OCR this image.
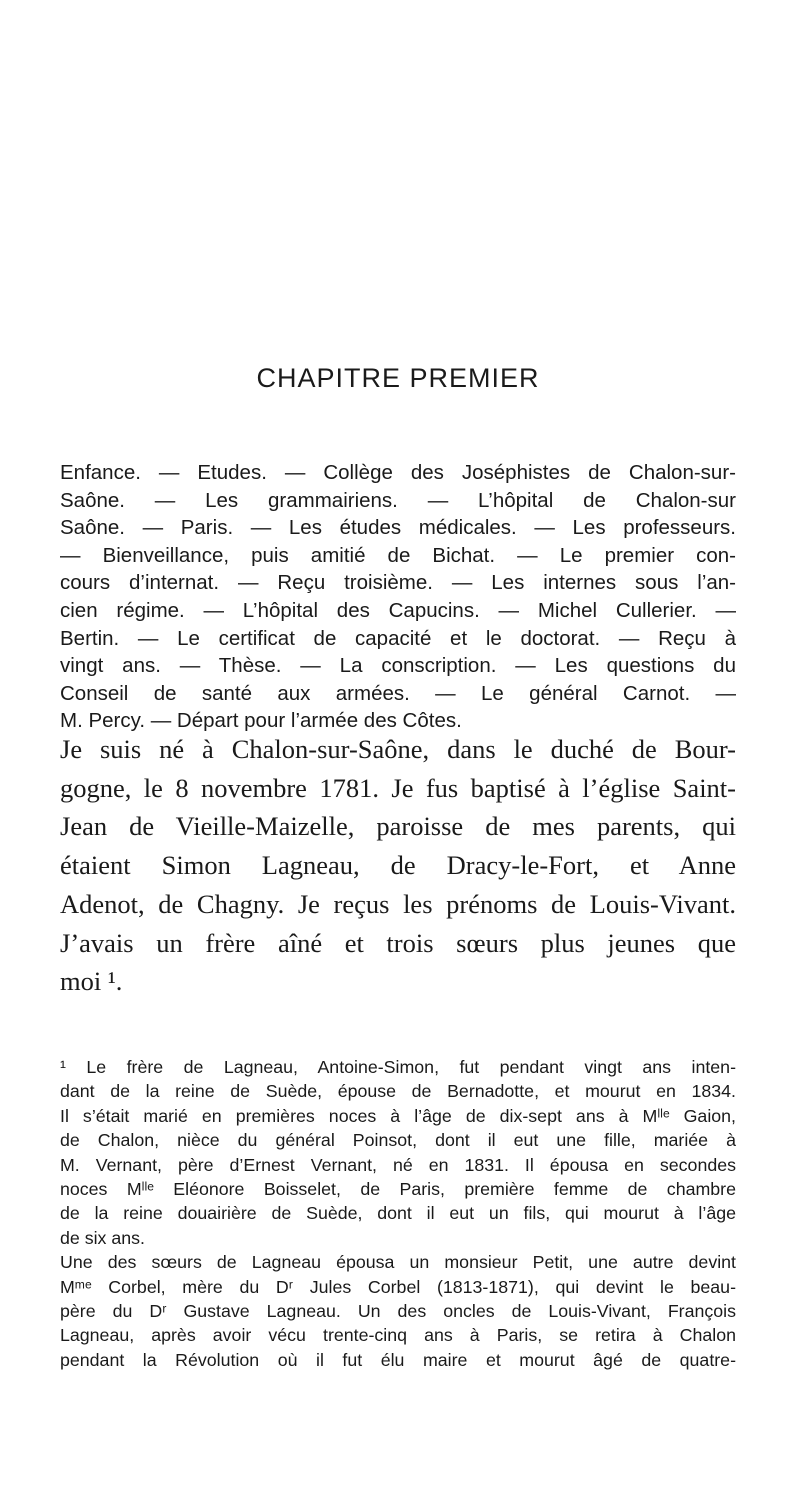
CHAPITRE PREMIER

Enfance. — Etudes. — Collège des Joséphistes de Chalon-sur-
Saône. — Les grammairiens. — L’hôpital de Chalon-sur
Saône. — Paris. — Les études médicales. — Les professeurs.
— Bienveillance, puis amitié de Bichat. — Le premier con-
cours d’internat. — Reçu troisième. — Les internes sous l’an-
cien régime. — L’hôpital des Capucins. — Michel Cullerier. —
Bertin. — Le certificat de capacité et le doctorat. — Reçu à
vingt ans. — Thèse. — La conscription. — Les questions du
Conseil de santé aux armées. — Le général Carnot. —
M. Percy. — Départ pour l’armée des Côtes.

Je suis né à Chalon-sur-Saône, dans le duché de Bour-
gogne, le 8 novembre 1781. Je fus baptisé à l’église Saint-
Jean de Vieille-Maizelle, paroisse de mes parents, qui
étaient Simon Lagneau, de Dracy-le-Fort, et Anne
Adenot, de Chagny. Je reçus les prénoms de Louis-Vivant.
J’avais un frère aîné et trois sœurs plus jeunes que
moi ¹.

¹ Le frère de Lagneau, Antoine-Simon, fut pendant vingt ans inten-
dant de la reine de Suède, épouse de Bernadotte, et mourut en 1834.
Il s’était marié en premières noces à l’âge de dix-sept ans à Mˡˡᵉ Gaion,
de Chalon, nièce du général Poinsot, dont il eut une fille, mariée à
M. Vernant, père d’Ernest Vernant, né en 1831. Il épousa en secondes
noces Mˡˡᵉ Eléonore Boisselet, de Paris, première femme de chambre
de la reine douairière de Suède, dont il eut un fils, qui mourut à l’âge
de six ans.

Une des sœurs de Lagneau épousa un monsieur Petit, une autre devint
Mᵐᵉ Corbel, mère du Dʳ Jules Corbel (1813-1871), qui devint le beau-
père du Dʳ Gustave Lagneau. Un des oncles de Louis-Vivant, François
Lagneau, après avoir vécu trente-cinq ans à Paris, se retira à Chalon
pendant la Révolution où il fut élu maire et mourut âgé de quatre-
